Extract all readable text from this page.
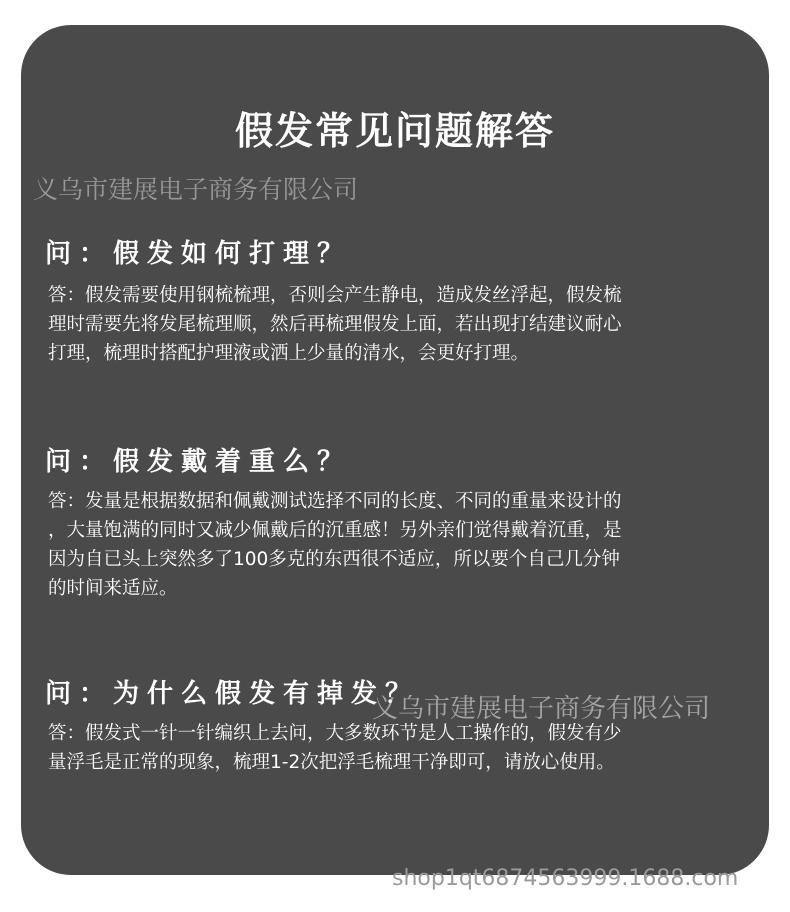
假发常见问题解答
义乌市建展电子商务有限公司
问：假发如何打理？
答：假发需要使用钢梳梳理，否则会产生静电，造成发丝浮起，假发梳
理时需要先将发尾梳理顺，然后再梳理假发上面，若出现打结建议耐心
打理，梳理时搭配护理液或洒上少量的清水，会更好打理。
问：假发戴着重么？
答：发量是根据数据和佩戴测试选择不同的长度、不同的重量来设计的
，大量饱满的同时又减少佩戴后的沉重感！另外亲们觉得戴着沉重，是
因为自已头上突然多了100多克的东西很不适应，所以要个自己几分钟
的时间来适应。
问：为什么假发有掉发？
答：假发式一针一针编织上去问，大多数环节是人工操作的，假发有少
量浮毛是正常的现象，梳理1-2次把浮毛梳理干净即可，请放心使用。
义乌市建展电子商务有限公司
shop1qt6874563999.1688.com
